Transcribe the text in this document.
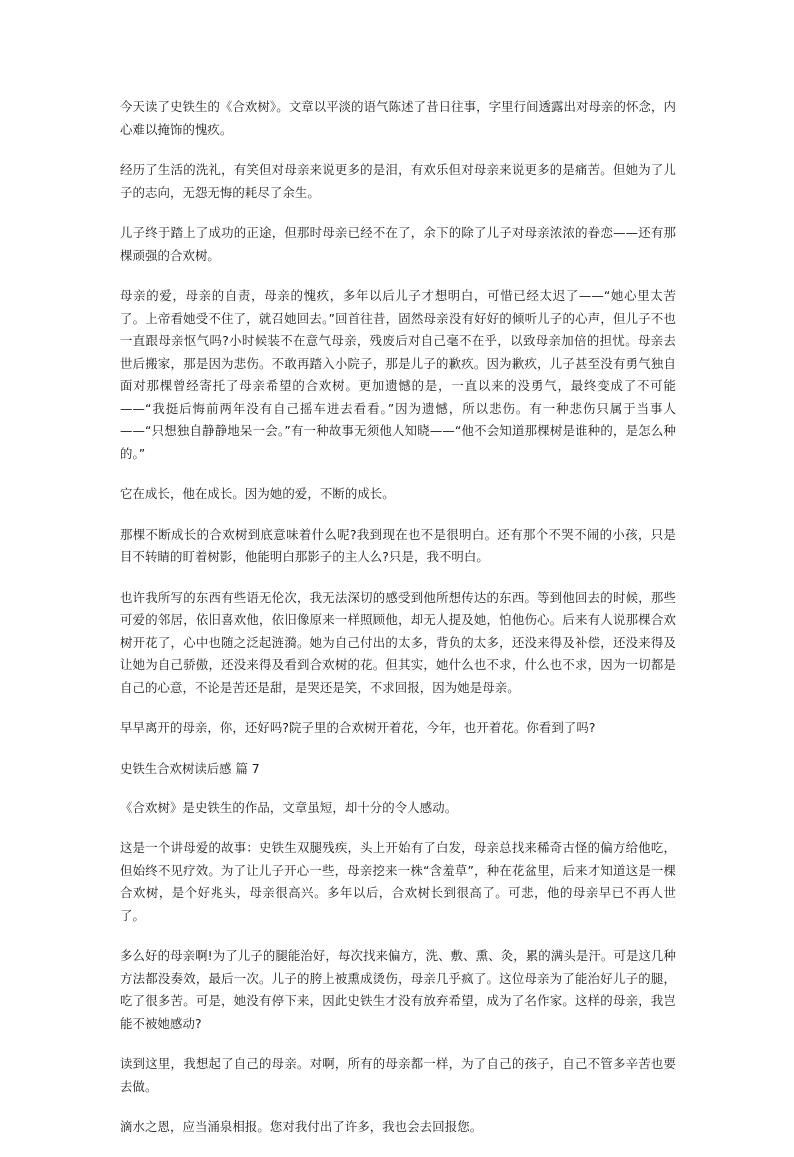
今天读了史铁生的《合欢树》。文章以平淡的语气陈述了昔日往事，字里行间透露出对母亲的怀念，内心难以掩饰的愧疚。

经历了生活的洗礼，有笑但对母亲来说更多的是泪，有欢乐但对母亲来说更多的是痛苦。但她为了儿子的志向，无怨无悔的耗尽了余生。

儿子终于踏上了成功的正途，但那时母亲已经不在了，余下的除了儿子对母亲浓浓的眷恋——还有那棵顽强的合欢树。

母亲的爱，母亲的自责，母亲的愧疚，多年以后儿子才想明白，可惜已经太迟了——“她心里太苦了。上帝看她受不住了，就召她回去。”回首往昔，固然母亲没有好好的倾听儿子的心声，但儿子不也一直跟母亲怄气吗?小时候装不在意气母亲，残废后对自己毫不在乎，以致母亲加倍的担忧。母亲去世后搬家，那是因为悲伤。不敢再踏入小院子，那是儿子的歉疚。因为歉疚，儿子甚至没有勇气独自面对那棵曾经寄托了母亲希望的合欢树。更加遗憾的是，一直以来的没勇气，最终变成了不可能——“我挺后悔前两年没有自己摇车进去看看。”因为遗憾，所以悲伤。有一种悲伤只属于当事人——“只想独自静静地呆一会。”有一种故事无须他人知晓——“他不会知道那棵树是谁种的，是怎么种的。”

它在成长，他在成长。因为她的爱，不断的成长。

那棵不断成长的合欢树到底意味着什么呢?我到现在也不是很明白。还有那个不哭不闹的小孩，只是目不转睛的盯着树影，他能明白那影子的主人么?只是，我不明白。

也许我所写的东西有些语无伦次，我无法深切的感受到他所想传达的东西。等到他回去的时候，那些可爱的邻居，依旧喜欢他，依旧像原来一样照顾他，却无人提及她，怕他伤心。后来有人说那棵合欢树开花了，心中也随之泛起涟漪。她为自己付出的太多，背负的太多，还没来得及补偿，还没来得及让她为自己骄傲，还没来得及看到合欢树的花。但其实，她什么也不求，什么也不求，因为一切都是自己的心意，不论是苦还是甜，是哭还是笑，不求回报，因为她是母亲。

早早离开的母亲，你，还好吗?院子里的合欢树开着花，今年，也开着花。你看到了吗?

史铁生合欢树读后感 篇 7

《合欢树》是史铁生的作品，文章虽短，却十分的令人感动。

这是一个讲母爱的故事：史铁生双腿残疾，头上开始有了白发，母亲总找来稀奇古怪的偏方给他吃，但始终不见疗效。为了让儿子开心一些，母亲挖来一株“含羞草”，种在花盆里，后来才知道这是一棵合欢树，是个好兆头，母亲很高兴。多年以后，合欢树长到很高了。可悲，他的母亲早已不再人世了。

多么好的母亲啊!为了儿子的腿能治好，每次找来偏方，洗、敷、熏、灸，累的满头是汗。可是这几种方法都没奏效，最后一次。儿子的胯上被熏成烫伤，母亲几乎疯了。这位母亲为了能治好儿子的腿，吃了很多苦。可是，她没有停下来，因此史铁生才没有放弃希望，成为了名作家。这样的母亲，我岂能不被她感动?

读到这里，我想起了自己的母亲。对啊，所有的母亲都一样，为了自己的孩子，自己不管多辛苦也要去做。

滴水之恩，应当涌泉相报。您对我付出了许多，我也会去回报您。
